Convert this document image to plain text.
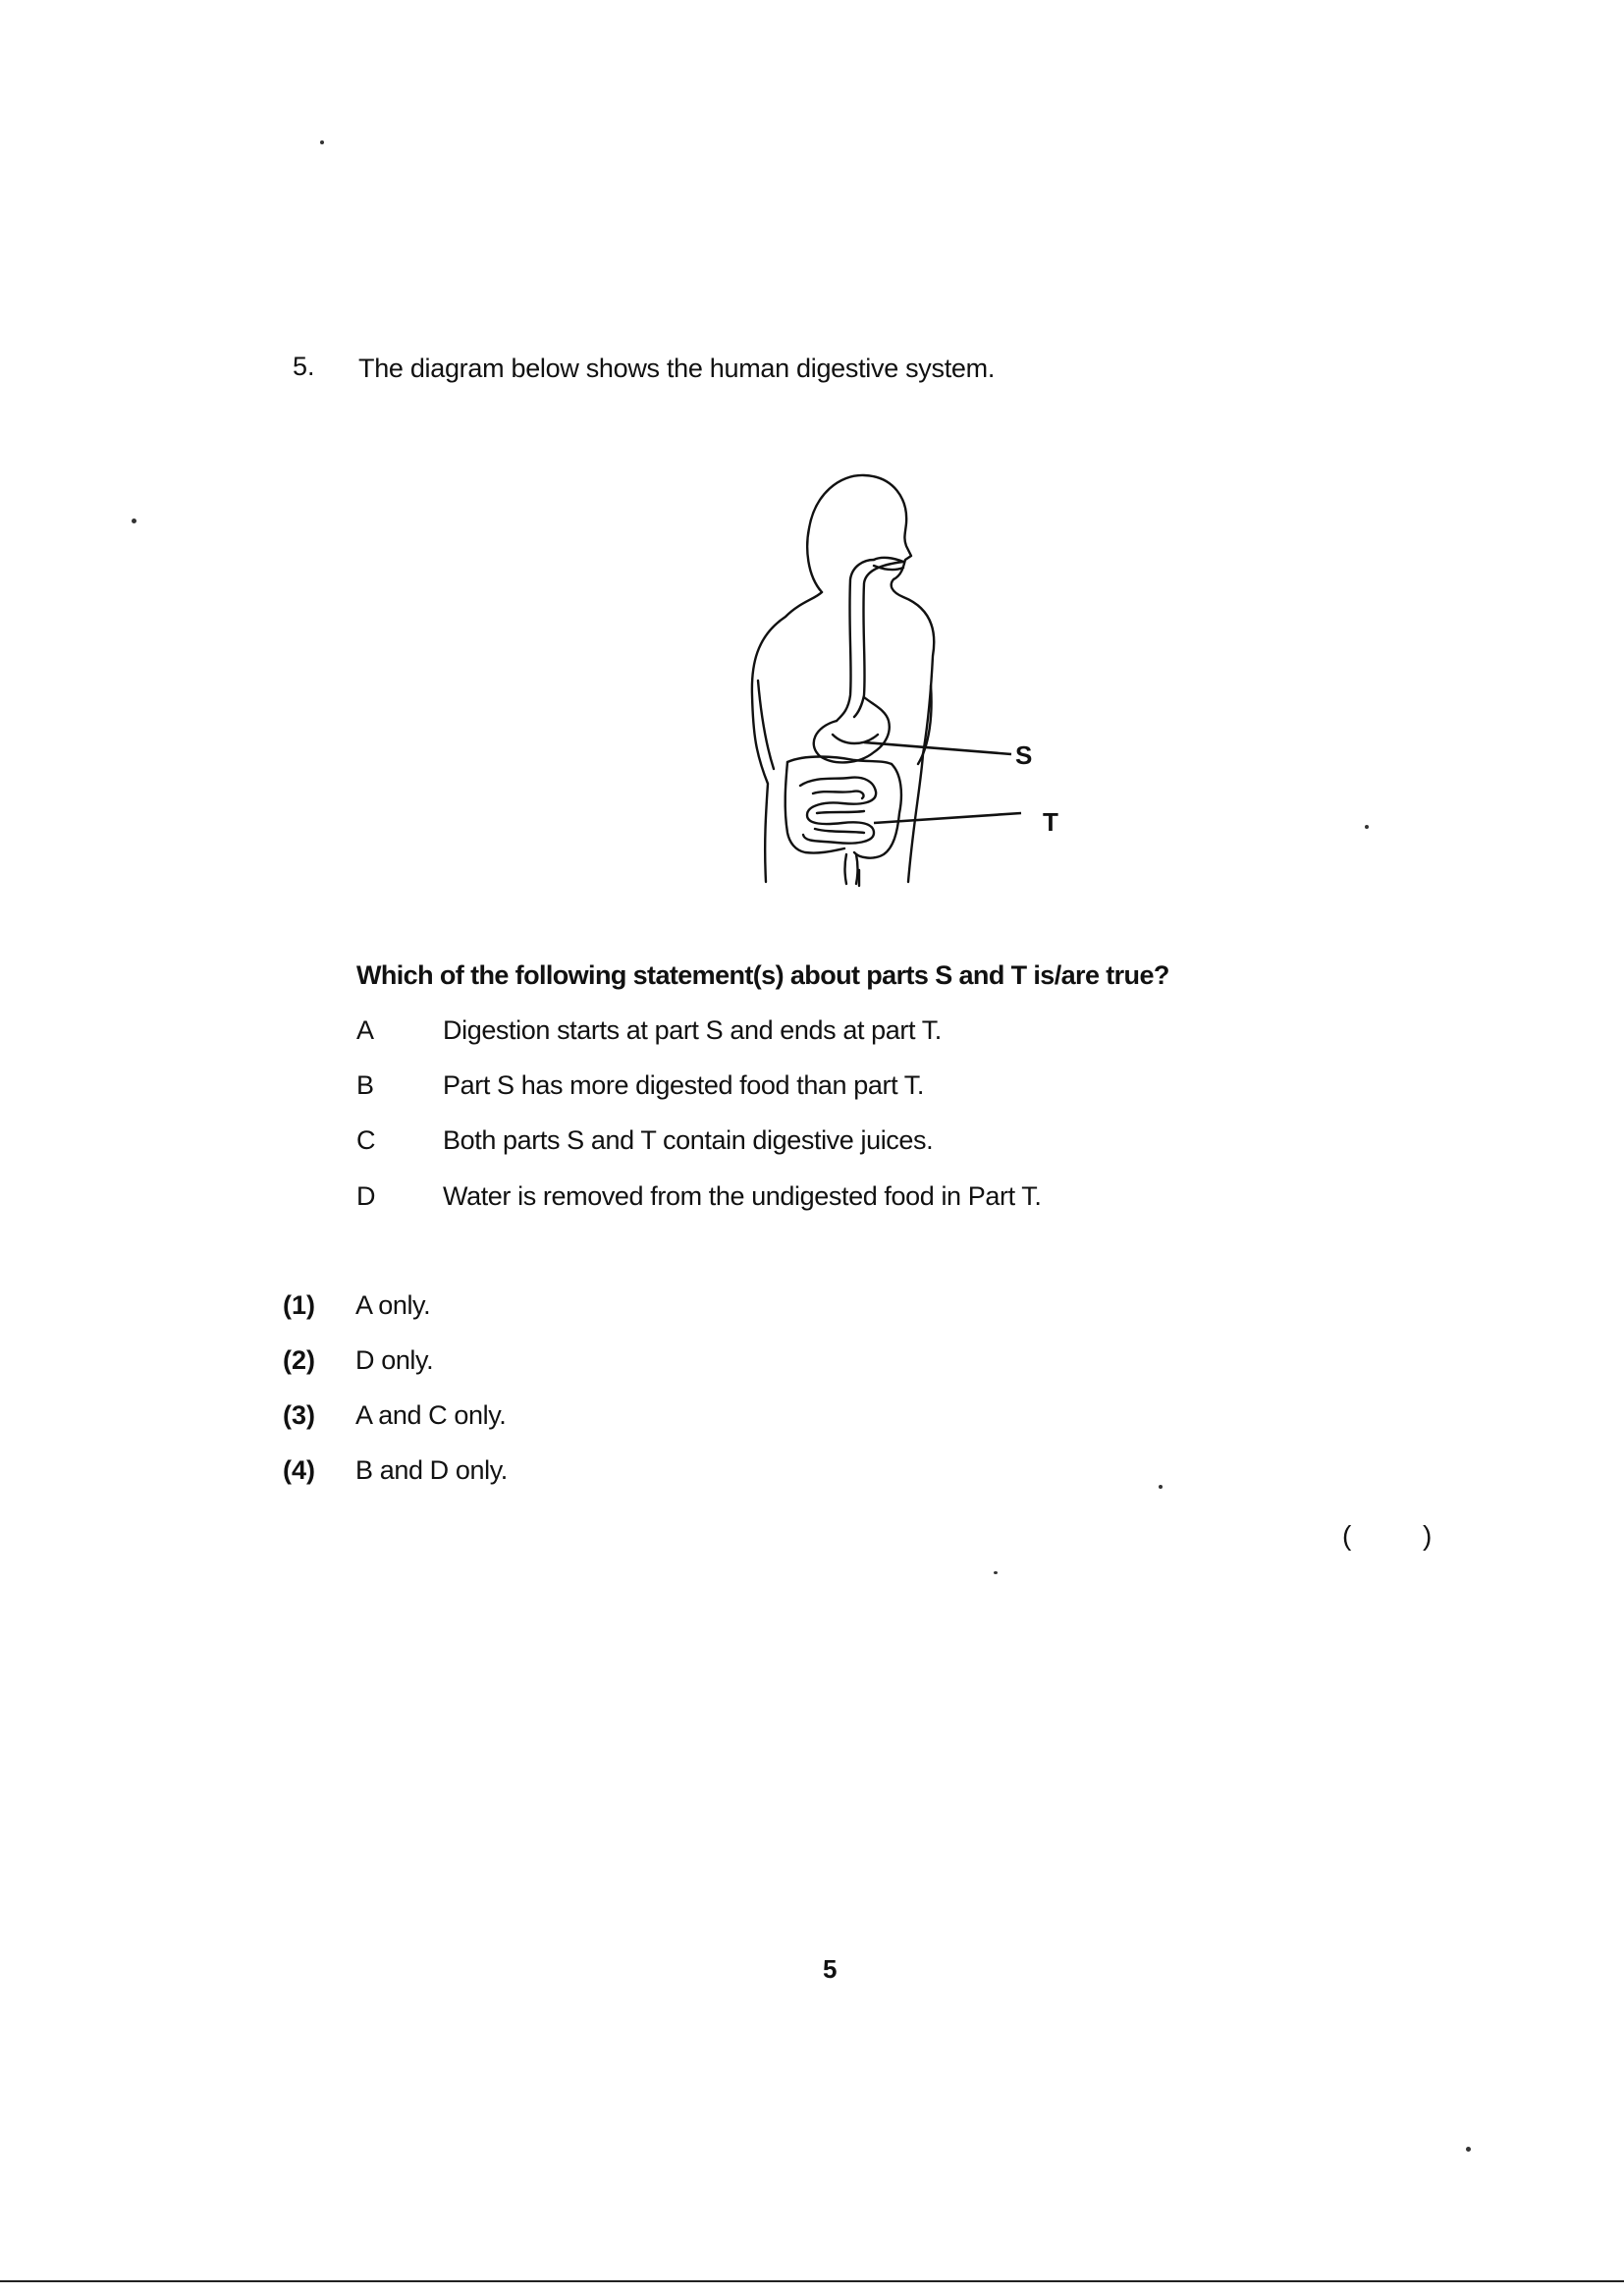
5. The diagram below shows the human digestive system.
S
T
Which of the following statement(s) about parts S and T is/are true?
A	Digestion starts at part S and ends at part T.
B	Part S has more digested food than part T.
C	Both parts S and T contain digestive juices.
D	Water is removed from the undigested food in Part T.
(1) A only.
(2) D only.
(3) A and C only.
(4) B and D only.
(	)
5
